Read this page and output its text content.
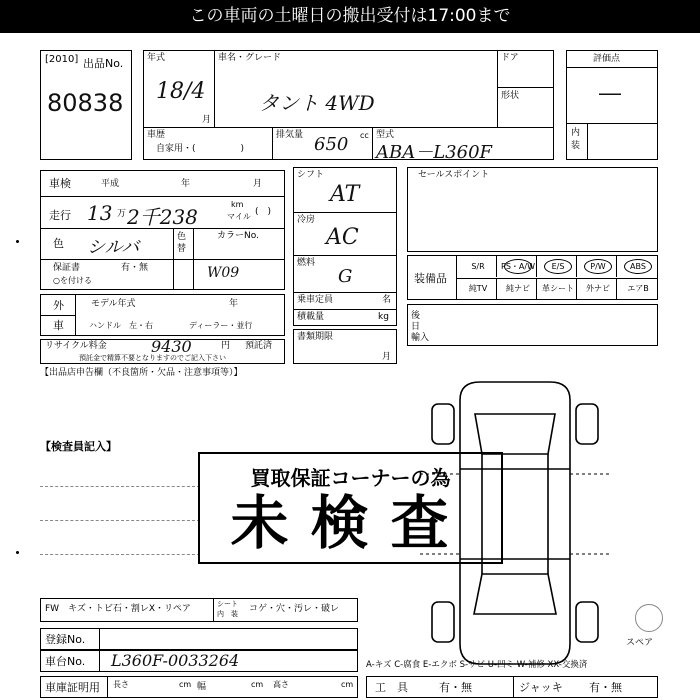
この車両の土曜日の搬出受付は17:00まで
[2010] 出品No.
80838
年式
18/4
月
車名・グレード
タント 4WD
ドア
形状
評価点
―
内装
車歴
自家用・(　　　　　)
排気量 650 cc 型式
ABA－L360F
車検	平成	年	月
走行 13 万 2千238
km
マイル (　)
色 シルバ	色替
カラーNo.
保証書	有・無
○を付ける	W09
外
車
モデル年式	年
ハンドル　左・右	ディーラー・並行
リサイクル料金	9430	円 預託済
預託金で精算不要となりますのでご記入下さい
【出品店申告欄（不良箇所・欠品・注意事項等）】
シフト
AT
冷房
AC
燃料
G
セールスポイント
装備品
S/R	PS・A/W	E/S	P/W	ABS
純TV	純ナビ	革シート	外ナビ	エアB
乗車定員	名
積載量	kg
書類期限
月
後日
輸入
【検査員記入】
買取保証コーナーの為
未検査
スペア
FW　キズ・トビ石・割レX・リペア	シート
内　装 コゲ・穴・汚レ・破レ
登録No.
車台No. L360F-0033264
車庫証明用 長さ	cm 幅	cm 高さ	cm
A-キズ C-腐食 E-エクボ S-サビ U-凹ミ W-補修 XX-交換済
工　具	有・無	ジャッキ 有・無
